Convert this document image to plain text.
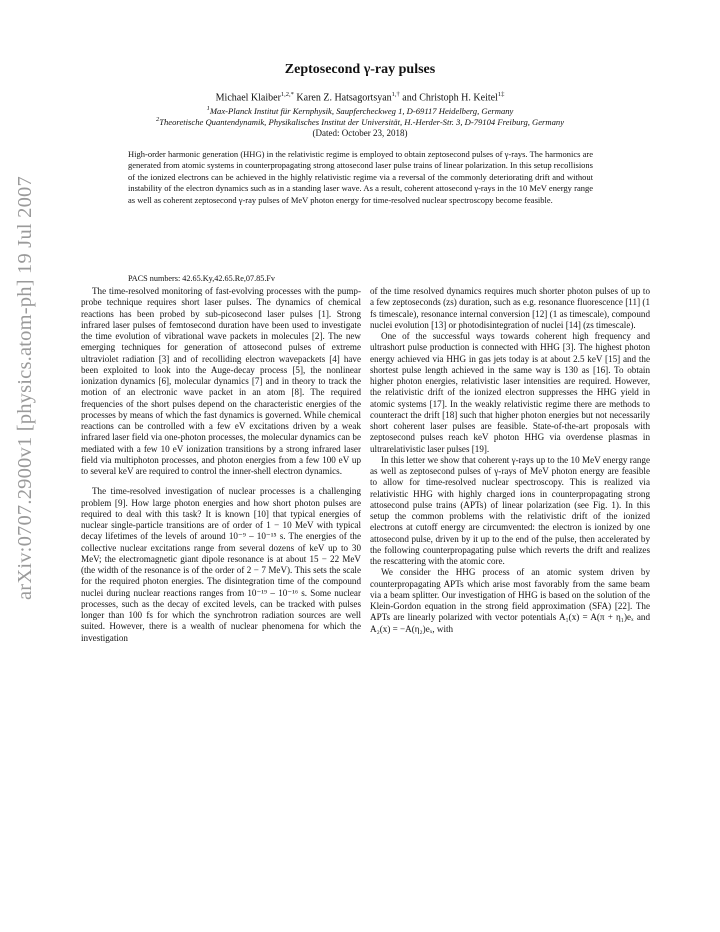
arXiv:0707.2900v1 [physics.atom-ph] 19 Jul 2007
Zeptosecond γ-ray pulses
Michael Klaiber$^{1,2,*}$ Karen Z. Hatsagortsyan$^{1,\dagger}$ and Christoph H. Keitel$^{1\ddagger}$
$^1$Max-Planck Institut für Kernphysik, Saupfercheckweg 1, D-69117 Heidelberg, Germany
$^2$Theoretische Quantendynamik, Physikalisches Institut der Universität, H.-Herder-Str. 3, D-79104 Freiburg, Germany
(Dated: October 23, 2018)
High-order harmonic generation (HHG) in the relativistic regime is employed to obtain zeptosecond pulses of γ-rays. The harmonics are generated from atomic systems in counterpropagating strong attosecond laser pulse trains of linear polarization. In this setup recollisions of the ionized electrons can be achieved in the highly relativistic regime via a reversal of the commonly deteriorating drift and without instability of the electron dynamics such as in a standing laser wave. As a result, coherent attosecond γ-rays in the 10 MeV energy range as well as coherent zeptosecond γ-ray pulses of MeV photon energy for time-resolved nuclear spectroscopy become feasible.
PACS numbers: 42.65.Ky,42.65.Re,07.85.Fv

The time-resolved monitoring of fast-evolving processes with the pump-probe technique requires short laser pulses. The dynamics of chemical reactions has been probed by sub-picosecond laser pulses [1]. Strong infrared laser pulses of femtosecond duration have been used to investigate the time evolution of vibrational wave packets in molecules [2]. The new emerging techniques for generation of attosecond pulses of extreme ultraviolet radiation [3] and of recolliding electron wavepackets [4] have been exploited to look into the Auge-decay process [5], the nonlinear ionization dynamics [6], molecular dynamics [7] and in theory to track the motion of an electronic wave packet in an atom [8]. The required frequencies of the short pulses depend on the characteristic energies of the processes by means of which the fast dynamics is governed. While chemical reactions can be controlled with a few eV excitations driven by a weak infrared laser field via one-photon processes, the molecular dynamics can be mediated with a few 10 eV ionization transitions by a strong infrared laser field via multiphoton processes, and photon energies from a few 100 eV up to several keV are required to control the inner-shell electron dynamics.

The time-resolved investigation of nuclear processes is a challenging problem [9]. How large photon energies and how short photon pulses are required to deal with this task? It is known [10] that typical energies of nuclear single-particle transitions are of order of 1 − 10 MeV with typical decay lifetimes of the levels of around 10⁻⁹ – 10⁻¹⁵ s. The energies of the collective nuclear excitations range from several dozens of keV up to 30 MeV; the electromagnetic giant dipole resonance is at about 15 − 22 MeV (the width of the resonance is of the order of 2 − 7 MeV). This sets the scale for the required photon energies. The disintegration time of the compound nuclei during nuclear reactions ranges from 10⁻¹⁹ – 10⁻¹⁶ s. Some nuclear processes, such as the decay of excited levels, can be tracked with pulses longer than 100 fs for which the synchrotron radiation sources are well suited. However, there is a wealth of nuclear phenomena for which the investigation

of the time resolved dynamics requires much shorter photon pulses of up to a few zeptoseconds (zs) duration, such as e.g. resonance fluorescence [11] (1 fs timescale), resonance internal conversion [12] (1 as timescale), compound nuclei evolution [13] or photodisintegration of nuclei [14] (zs timescale).

One of the successful ways towards coherent high frequency and ultrashort pulse production is connected with HHG [3]. The highest photon energy achieved via HHG in gas jets today is at about 2.5 keV [15] and the shortest pulse length achieved in the same way is 130 as [16]. To obtain higher photon energies, relativistic laser intensities are required. However, the relativistic drift of the ionized electron suppresses the HHG yield in atomic systems [17]. In the weakly relativistic regime there are methods to counteract the drift [18] such that higher photon energies but not necessarily short coherent laser pulses are feasible. State-of-the-art proposals with zeptosecond pulses reach keV photon HHG via overdense plasmas in ultrarelativistic laser pulses [19].

In this letter we show that coherent γ-rays up to the 10 MeV energy range as well as zeptosecond pulses of γ-rays of MeV photon energy are feasible to allow for time-resolved nuclear spectroscopy. This is realized via relativistic HHG with highly charged ions in counterpropagating strong attosecond pulse trains (APTs) of linear polarization (see Fig. 1). In this setup the common problems with the relativistic drift of the ionized electrons at cutoff energy are circumvented: the electron is ionized by one attosecond pulse, driven by it up to the end of the pulse, then accelerated by the following counterpropagating pulse which reverts the drift and realizes the rescattering with the atomic core.

We consider the HHG process of an atomic system driven by counterpropagating APTs which arise most favorably from the same beam via a beam splitter. Our investigation of HHG is based on the solution of the Klein-Gordon equation in the strong field approximation (SFA) [22]. The APTs are linearly polarized with vector potentials A₁(x) = A(π + η₁)eₓ and A₂(x) = −A(η₂)eₓ, with
